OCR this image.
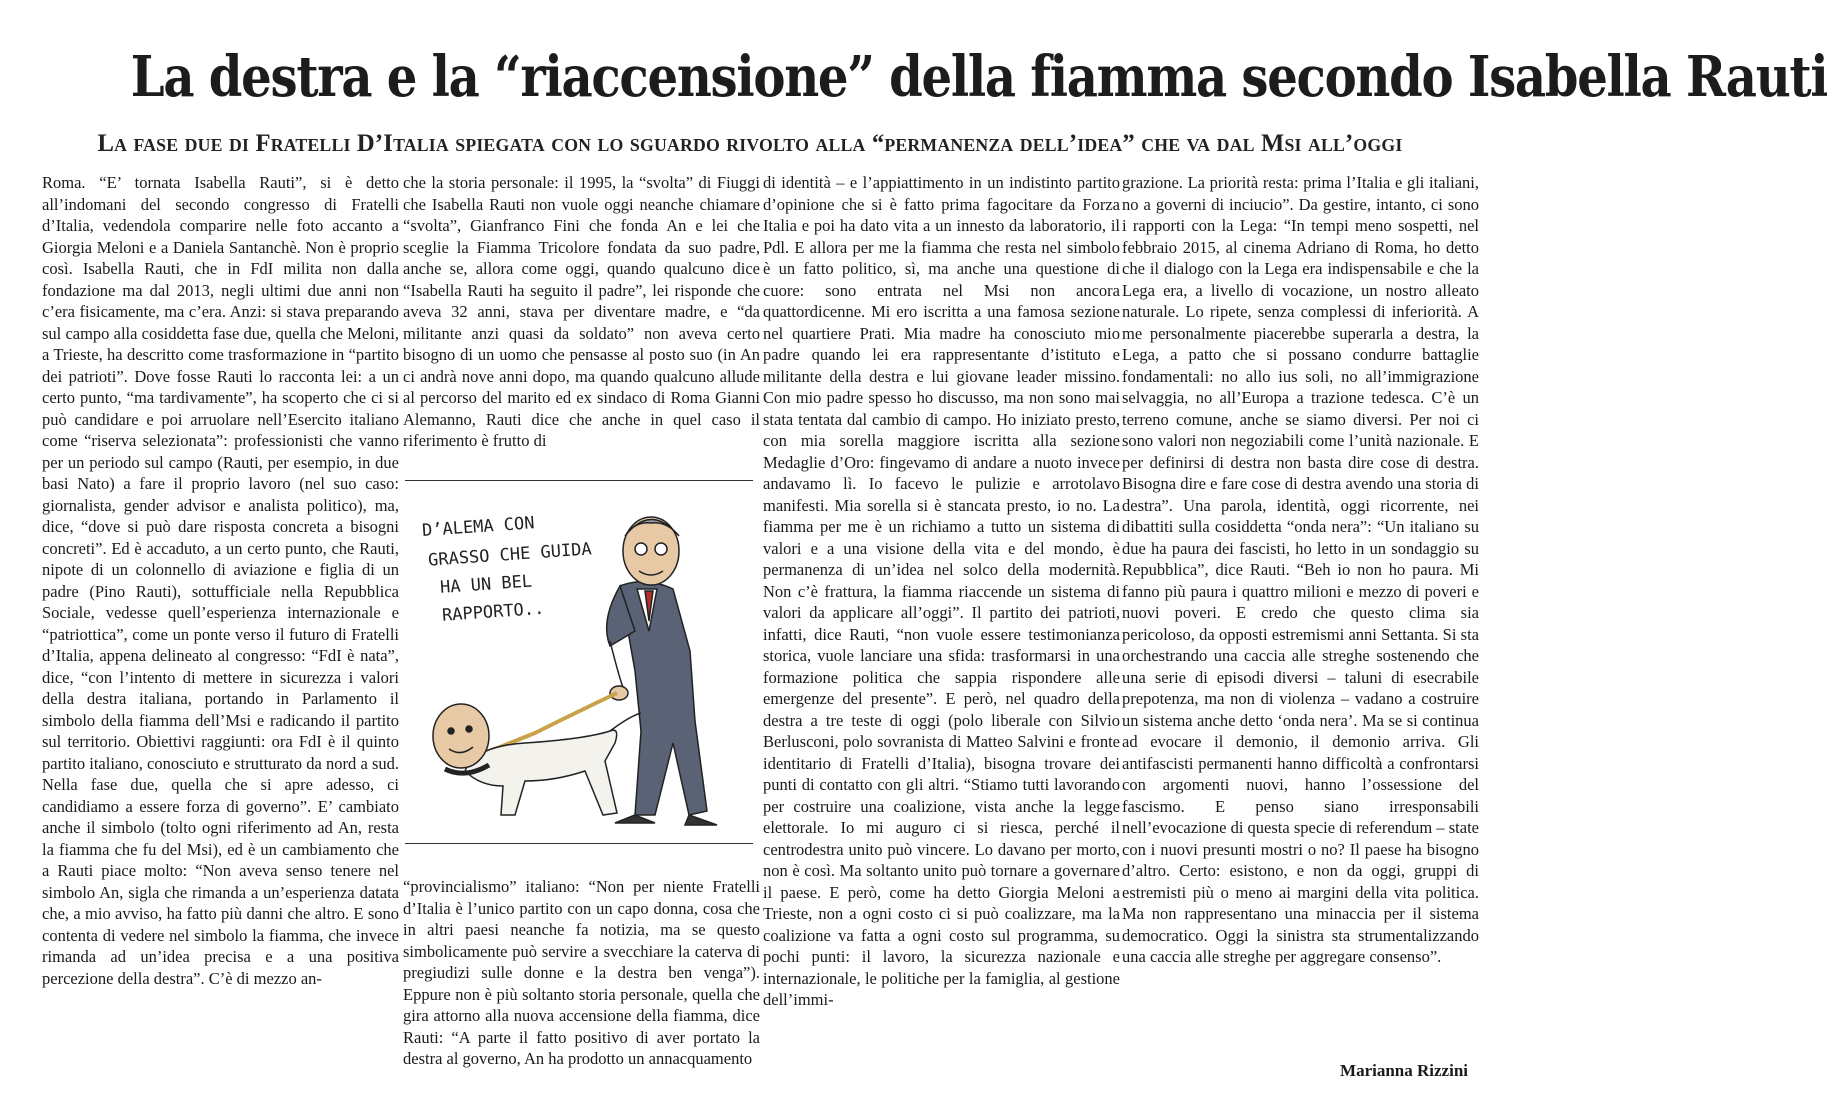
La destra e la “riaccensione” della fiamma secondo Isabella Rauti
La fase due di Fratelli D’Italia spiegata con lo sguardo rivolto alla “permanenza dell’idea” che va dal Msi all’oggi

Roma. “E’ tornata Isabella Rauti”, si è detto all’indomani del secondo congresso di Fratelli d’Italia, vedendola comparire nelle foto accanto a Giorgia Meloni e a Daniela Santanchè. Non è proprio così. Isabella Rauti, che in FdI milita non dalla fondazione ma dal 2013, negli ultimi due anni non c’era fisicamente, ma c’era. Anzi: si stava preparando sul campo alla cosiddetta fase due, quella che Meloni, a Trieste, ha descritto come trasformazione in “partito dei patrioti”. Dove fosse Rauti lo racconta lei: a un certo punto, “ma tardivamente”, ha scoperto che ci si può candidare e poi arruolare nell’Esercito italiano come “riserva selezionata”: professionisti che vanno per un periodo sul campo (Rauti, per esempio, in due basi Nato) a fare il proprio lavoro (nel suo caso: giornalista, gender advisor e analista politico), ma, dice, “dove si può dare risposta concreta a bisogni concreti”. Ed è accaduto, a un certo punto, che Rauti, nipote di un colonnello di aviazione e figlia di un padre (Pino Rauti), sottufficiale nella Repubblica Sociale, vedesse quell’esperienza internazionale e “patriottica”, come un ponte verso il futuro di Fratelli d’Italia, appena delineato al congresso: “FdI è nata”, dice, “con l’intento di mettere in sicurezza i valori della destra italiana, portando in Parlamento il simbolo della fiamma dell’Msi e radicando il partito sul territorio. Obiettivi raggiunti: ora FdI è il quinto partito italiano, conosciuto e strutturato da nord a sud. Nella fase due, quella che si apre adesso, ci candidiamo a essere forza di governo”. E’ cambiato anche il simbolo (tolto ogni riferimento ad An, resta la fiamma che fu del Msi), ed è un cambiamento che a Rauti piace molto: “Non aveva senso tenere nel simbolo An, sigla che rimanda a un’esperienza datata che, a mio avviso, ha fatto più danni che altro. E sono contenta di vedere nel simbolo la fiamma, che invece rimanda ad un’idea precisa e a una positiva percezione della destra”. C’è di mezzo an-

che la storia personale: il 1995, la “svolta” di Fiuggi che Isabella Rauti non vuole oggi neanche chiamare “svolta”, Gianfranco Fini che fonda An e lei che sceglie la Fiamma Tricolore fondata da suo padre, anche se, allora come oggi, quando qualcuno dice “Isabella Rauti ha seguito il padre”, lei risponde che aveva 32 anni, stava per diventare madre, e “da militante anzi quasi da soldato” non aveva certo bisogno di un uomo che pensasse al posto suo (in An ci andrà nove anni dopo, ma quando qualcuno allude al percorso del marito ed ex sindaco di Roma Gianni Alemanno, Rauti dice che anche in quel caso il riferimento è frutto di

D’ALEMA CON
GRASSO CHE GUIDA
HA UN BEL
RAPPORTO..

“provincialismo” italiano: “Non per niente Fratelli d’Italia è l’unico partito con un capo donna, cosa che in altri paesi neanche fa notizia, ma se questo simbolicamente può servire a svecchiare la caterva di pregiudizi sulle donne e la destra ben venga”). Eppure non è più soltanto storia personale, quella che gira attorno alla nuova accensione della fiamma, dice Rauti: “A parte il fatto positivo di aver portato la destra al governo, An ha prodotto un annacquamento

di identità – e l’appiattimento in un indistinto partito d’opinione che si è fatto prima fagocitare da Forza Italia e poi ha dato vita a un innesto da laboratorio, il Pdl. E allora per me la fiamma che resta nel simbolo è un fatto politico, sì, ma anche una questione di cuore: sono entrata nel Msi non ancora quattordicenne. Mi ero iscritta a una famosa sezione nel quartiere Prati. Mia madre ha conosciuto mio padre quando lei era rappresentante d’istituto e militante della destra e lui giovane leader missino. Con mio padre spesso ho discusso, ma non sono mai stata tentata dal cambio di campo. Ho iniziato presto, con mia sorella maggiore iscritta alla sezione Medaglie d’Oro: fingevamo di andare a nuoto invece andavamo lì. Io facevo le pulizie e arrotolavo manifesti. Mia sorella si è stancata presto, io no. La fiamma per me è un richiamo a tutto un sistema di valori e a una visione della vita e del mondo, è permanenza di un’idea nel solco della modernità. Non c’è frattura, la fiamma riaccende un sistema di valori da applicare all’oggi”. Il partito dei patrioti, infatti, dice Rauti, “non vuole essere testimonianza storica, vuole lanciare una sfida: trasformarsi in una formazione politica che sappia rispondere alle emergenze del presente”. E però, nel quadro della destra a tre teste di oggi (polo liberale con Silvio Berlusconi, polo sovranista di Matteo Salvini e fronte identitario di Fratelli d’Italia), bisogna trovare dei punti di contatto con gli altri. “Stiamo tutti lavorando per costruire una coalizione, vista anche la legge elettorale. Io mi auguro ci si riesca, perché il centrodestra unito può vincere. Lo davano per morto, non è così. Ma soltanto unito può tornare a governare il paese. E però, come ha detto Giorgia Meloni a Trieste, non a ogni costo ci si può coalizzare, ma la coalizione va fatta a ogni costo sul programma, su pochi punti: il lavoro, la sicurezza nazionale e internazionale, le politiche per la famiglia, al gestione dell’immi-

grazione. La priorità resta: prima l’Italia e gli italiani, no a governi di inciucio”. Da gestire, intanto, ci sono i rapporti con la Lega: “In tempi meno sospetti, nel febbraio 2015, al cinema Adriano di Roma, ho detto che il dialogo con la Lega era indispensabile e che la Lega era, a livello di vocazione, un nostro alleato naturale. Lo ripete, senza complessi di inferiorità. A me personalmente piacerebbe superarla a destra, la Lega, a patto che si possano condurre battaglie fondamentali: no allo ius soli, no all’immigrazione selvaggia, no all’Europa a trazione tedesca. C’è un terreno comune, anche se siamo diversi. Per noi ci sono valori non negoziabili come l’unità nazionale. E per definirsi di destra non basta dire cose di destra. Bisogna dire e fare cose di destra avendo una storia di destra”. Una parola, identità, oggi ricorrente, nei dibattiti sulla cosiddetta “onda nera”: “Un italiano su due ha paura dei fascisti, ho letto in un sondaggio su Repubblica”, dice Rauti. “Beh io non ho paura. Mi fanno più paura i quattro milioni e mezzo di poveri e nuovi poveri. E credo che questo clima sia pericoloso, da opposti estremismi anni Settanta. Si sta orchestrando una caccia alle streghe sostenendo che una serie di episodi diversi – taluni di esecrabile prepotenza, ma non di violenza – vadano a costruire un sistema anche detto ‘onda nera’. Ma se si continua ad evocare il demonio, il demonio arriva. Gli antifascisti permanenti hanno difficoltà a confrontarsi con argomenti nuovi, hanno l’ossessione del fascismo. E penso siano irresponsabili nell’evocazione di questa specie di referendum – state con i nuovi presunti mostri o no? Il paese ha bisogno d’altro. Certo: esistono, e non da oggi, gruppi di estremisti più o meno ai margini della vita politica. Ma non rappresentano una minaccia per il sistema democratico. Oggi la sinistra sta strumentalizzando una caccia alle streghe per aggregare consenso”.

Marianna Rizzini
